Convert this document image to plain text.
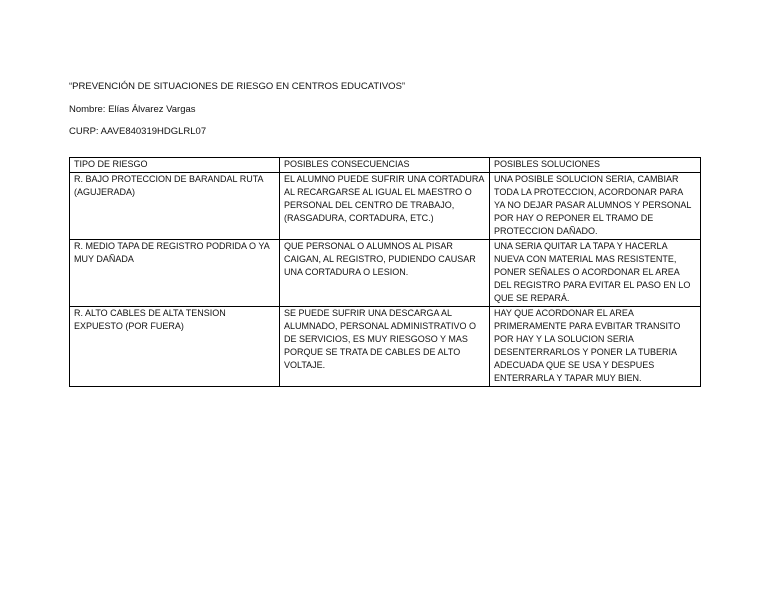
“PREVENCIÓN DE SITUACIONES DE RIESGO EN CENTROS EDUCATIVOS”
Nombre: Elías Álvarez Vargas
CURP: AAVE840319HDGLRL07
TIPO DE RIESGO	POSIBLES CONSECUENCIAS	POSIBLES SOLUCIONES
R. BAJO PROTECCION DE BARANDAL RUTA (AGUJERADA)	EL ALUMNO PUEDE SUFRIR UNA CORTADURA AL RECARGARSE AL IGUAL EL MAESTRO O PERSONAL DEL CENTRO DE TRABAJO, (RASGADURA, CORTADURA, ETC.)	UNA POSIBLE SOLUCION SERIA, CAMBIAR TODA LA PROTECCION, ACORDONAR PARA YA NO DEJAR PASAR ALUMNOS Y PERSONAL POR HAY O REPONER EL TRAMO DE PROTECCION DAÑADO.
R. MEDIO TAPA DE REGISTRO PODRIDA O YA MUY DAÑADA	QUE PERSONAL O ALUMNOS AL PISAR CAIGAN, AL REGISTRO, PUDIENDO CAUSAR UNA CORTADURA O LESION.	UNA SERIA QUITAR LA TAPA Y HACERLA NUEVA CON MATERIAL MAS RESISTENTE, PONER SEÑALES O ACORDONAR EL AREA DEL REGISTRO PARA EVITAR EL PASO EN LO QUE SE REPARÁ.
R. ALTO CABLES DE ALTA TENSION EXPUESTO (POR FUERA)	SE PUEDE SUFRIR UNA DESCARGA AL ALUMNADO, PERSONAL ADMINISTRATIVO O DE SERVICIOS, ES MUY RIESGOSO Y MAS PORQUE SE TRATA DE CABLES DE ALTO VOLTAJE.	HAY QUE ACORDONAR EL AREA PRIMERAMENTE PARA EVBITAR TRANSITO POR HAY Y LA SOLUCION SERIA DESENTERRARLOS Y PONER LA TUBERIA ADECUADA QUE SE USA Y DESPUES ENTERRARLA Y TAPAR MUY BIEN.
